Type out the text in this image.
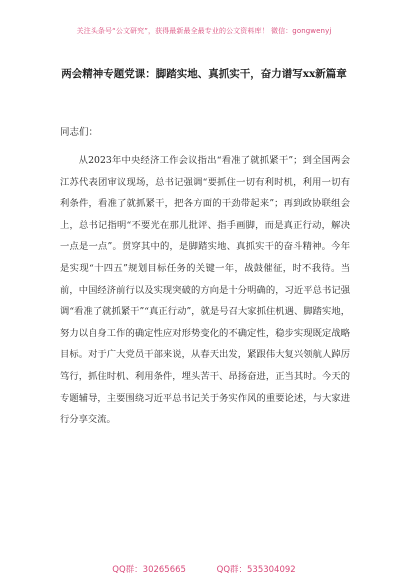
关注头条号“公文研究”，获得最新最全最专业的公文资料库！ 微信：gongwenyj
两会精神专题党课：脚踏实地、真抓实干，奋力谱写xx新篇章
同志们：

从2023年中央经济工作会议指出“看准了就抓紧干”；到全国两会江苏代表团审议现场，总书记强调“要抓住一切有利时机，利用一切有利条件，看准了就抓紧干，把各方面的干劲带起来”；再到政协联组会上，总书记指明“不要光在那儿批评、指手画脚，而是真正行动，解决一点是一点”。贯穿其中的，是脚踏实地、真抓实干的奋斗精神。今年是实现“十四五”规划目标任务的关键一年，战鼓催征，时不我待。当前，中国经济前行以及实现突破的方向是十分明确的，习近平总书记强调“看准了就抓紧干”“真正行动”，就是号召大家抓住机遇、脚踏实地，努力以自身工作的确定性应对形势变化的不确定性，稳步实现既定战略目标。对于广大党员干部来说，从春天出发，紧跟伟大复兴领航人踔厉笃行，抓住时机、利用条件，埋头苦干、昂扬奋进，正当其时。今天的专题辅导，主要围绕习近平总书记关于务实作风的重要论述，与大家进行分享交流。

QQ群：30265665	QQ群：535304092
